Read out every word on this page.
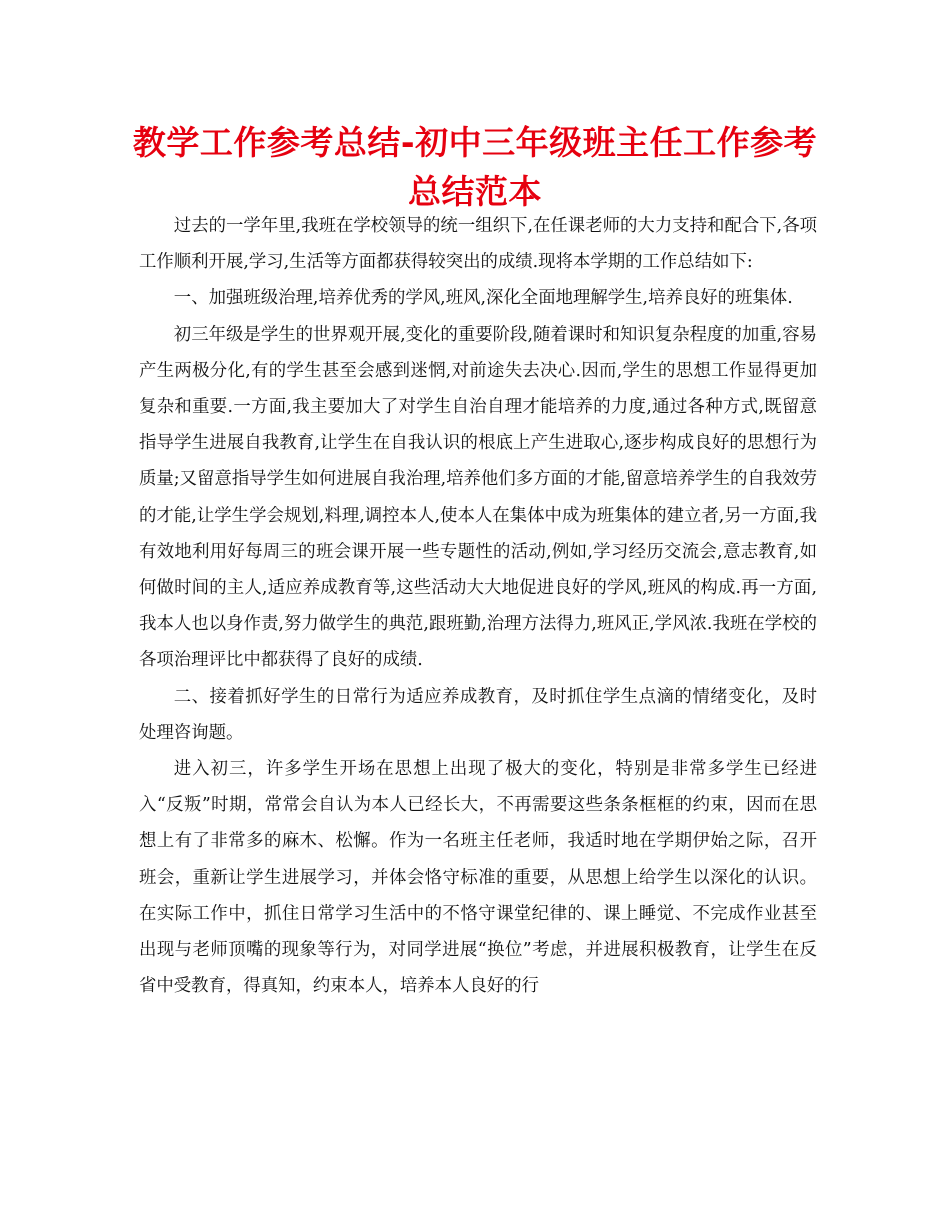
教学工作参考总结-初中三年级班主任工作参考总结范本

过去的一学年里,我班在学校领导的统一组织下,在任课老师的大力支持和配合下,各项工作顺利开展,学习,生活等方面都获得较突出的成绩.现将本学期的工作总结如下:

一、加强班级治理,培养优秀的学风,班风,深化全面地理解学生,培养良好的班集体.

初三年级是学生的世界观开展,变化的重要阶段,随着课时和知识复杂程度的加重,容易产生两极分化,有的学生甚至会感到迷惘,对前途失去决心.因而,学生的思想工作显得更加复杂和重要.一方面,我主要加大了对学生自治自理才能培养的力度,通过各种方式,既留意指导学生进展自我教育,让学生在自我认识的根底上产生进取心,逐步构成良好的思想行为质量;又留意指导学生如何进展自我治理,培养他们多方面的才能,留意培养学生的自我效劳的才能,让学生学会规划,料理,调控本人,使本人在集体中成为班集体的建立者,另一方面,我有效地利用好每周三的班会课开展一些专题性的活动,例如,学习经历交流会,意志教育,如何做时间的主人,适应养成教育等,这些活动大大地促进良好的学风,班风的构成.再一方面,我本人也以身作责,努力做学生的典范,跟班勤,治理方法得力,班风正,学风浓.我班在学校的各项治理评比中都获得了良好的成绩.

二、接着抓好学生的日常行为适应养成教育，及时抓住学生点滴的情绪变化，及时处理咨询题。

进入初三，许多学生开场在思想上出现了极大的变化，特别是非常多学生已经进入“反叛”时期，常常会自认为本人已经长大，不再需要这些条条框框的约束，因而在思想上有了非常多的麻木、松懈。作为一名班主任老师，我适时地在学期伊始之际，召开班会，重新让学生进展学习，并体会恪守标准的重要，从思想上给学生以深化的认识。在实际工作中，抓住日常学习生活中的不恪守课堂纪律的、课上睡觉、不完成作业甚至出现与老师顶嘴的现象等行为，对同学进展“换位”考虑，并进展积极教育，让学生在反省中受教育，得真知，约束本人，培养本人良好的行
